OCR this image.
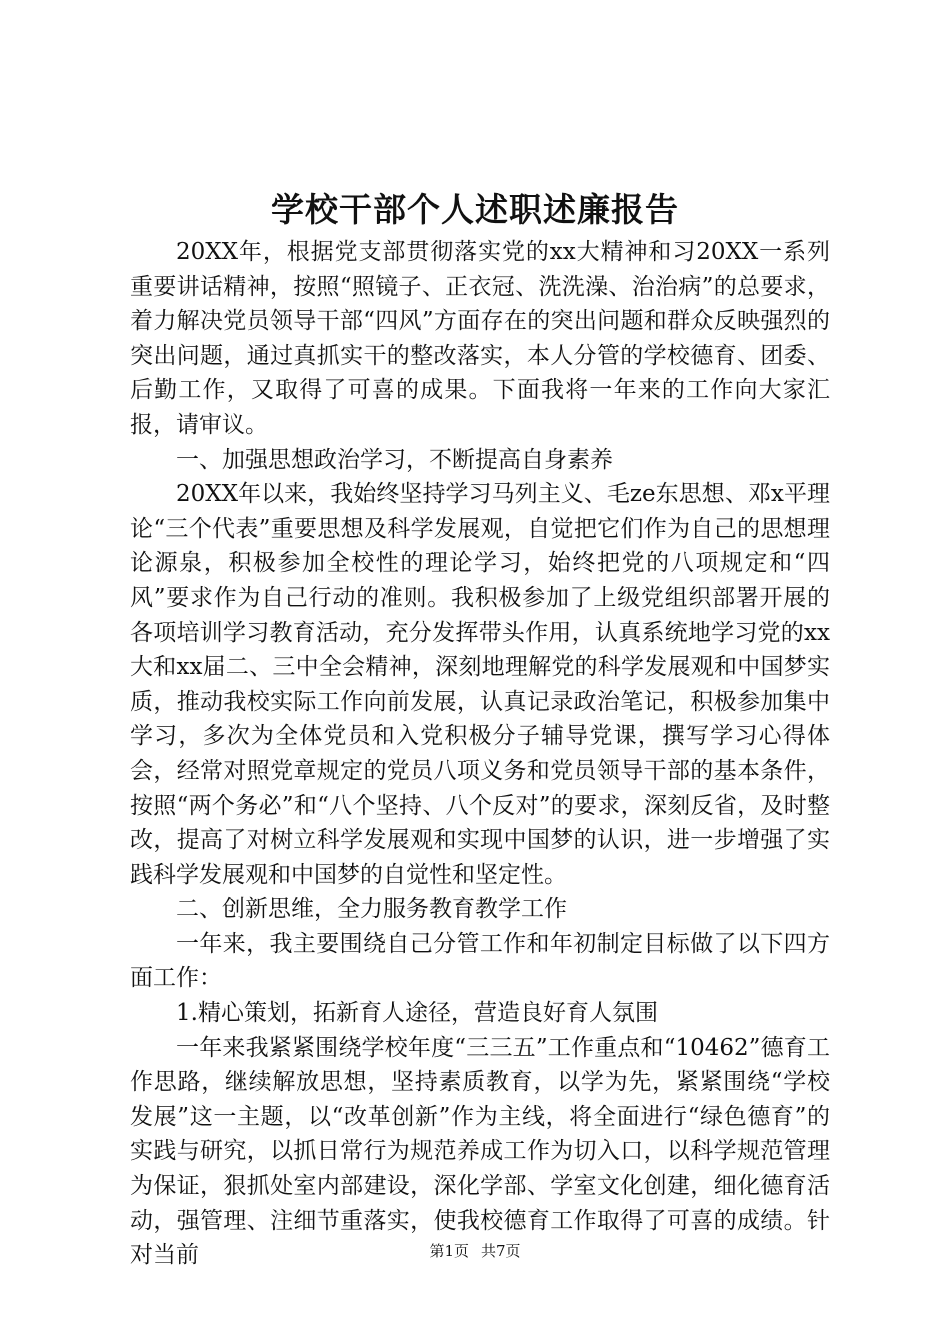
学校干部个人述职述廉报告

20XX年，根据党支部贯彻落实党的xx大精神和习20XX一系列重要讲话精神，按照“照镜子、正衣冠、洗洗澡、治治病”的总要求，着力解决党员领导干部“四风”方面存在的突出问题和群众反映强烈的突出问题，通过真抓实干的整改落实，本人分管的学校德育、团委、后勤工作，又取得了可喜的成果。下面我将一年来的工作向大家汇报，请审议。

一、加强思想政治学习，不断提高自身素养

20XX年以来，我始终坚持学习马列主义、毛ze东思想、邓x平理论“三个代表”重要思想及科学发展观，自觉把它们作为自己的思想理论源泉，积极参加全校性的理论学习，始终把党的八项规定和“四风”要求作为自己行动的准则。我积极参加了上级党组织部署开展的各项培训学习教育活动，充分发挥带头作用，认真系统地学习党的xx大和xx届二、三中全会精神，深刻地理解党的科学发展观和中国梦实质，推动我校实际工作向前发展，认真记录政治笔记，积极参加集中学习，多次为全体党员和入党积极分子辅导党课，撰写学习心得体会，经常对照党章规定的党员八项义务和党员领导干部的基本条件，按照“两个务必”和“八个坚持、八个反对”的要求，深刻反省，及时整改，提高了对树立科学发展观和实现中国梦的认识，进一步增强了实践科学发展观和中国梦的自觉性和坚定性。

二、创新思维，全力服务教育教学工作

一年来，我主要围绕自己分管工作和年初制定目标做了以下四方面工作：

1.精心策划，拓新育人途径，营造良好育人氛围

一年来我紧紧围绕学校年度“三三五”工作重点和“10462”德育工作思路，继续解放思想，坚持素质教育，以学为先，紧紧围绕“学校发展”这一主题，以“改革创新”作为主线，将全面进行“绿色德育”的实践与研究，以抓日常行为规范养成工作为切入口，以科学规范管理为保证，狠抓处室内部建设，深化学部、学室文化创建，细化德育活动，强管理、注细节重落实，使我校德育工作取得了可喜的成绩。针对当前	第1页 共7页
